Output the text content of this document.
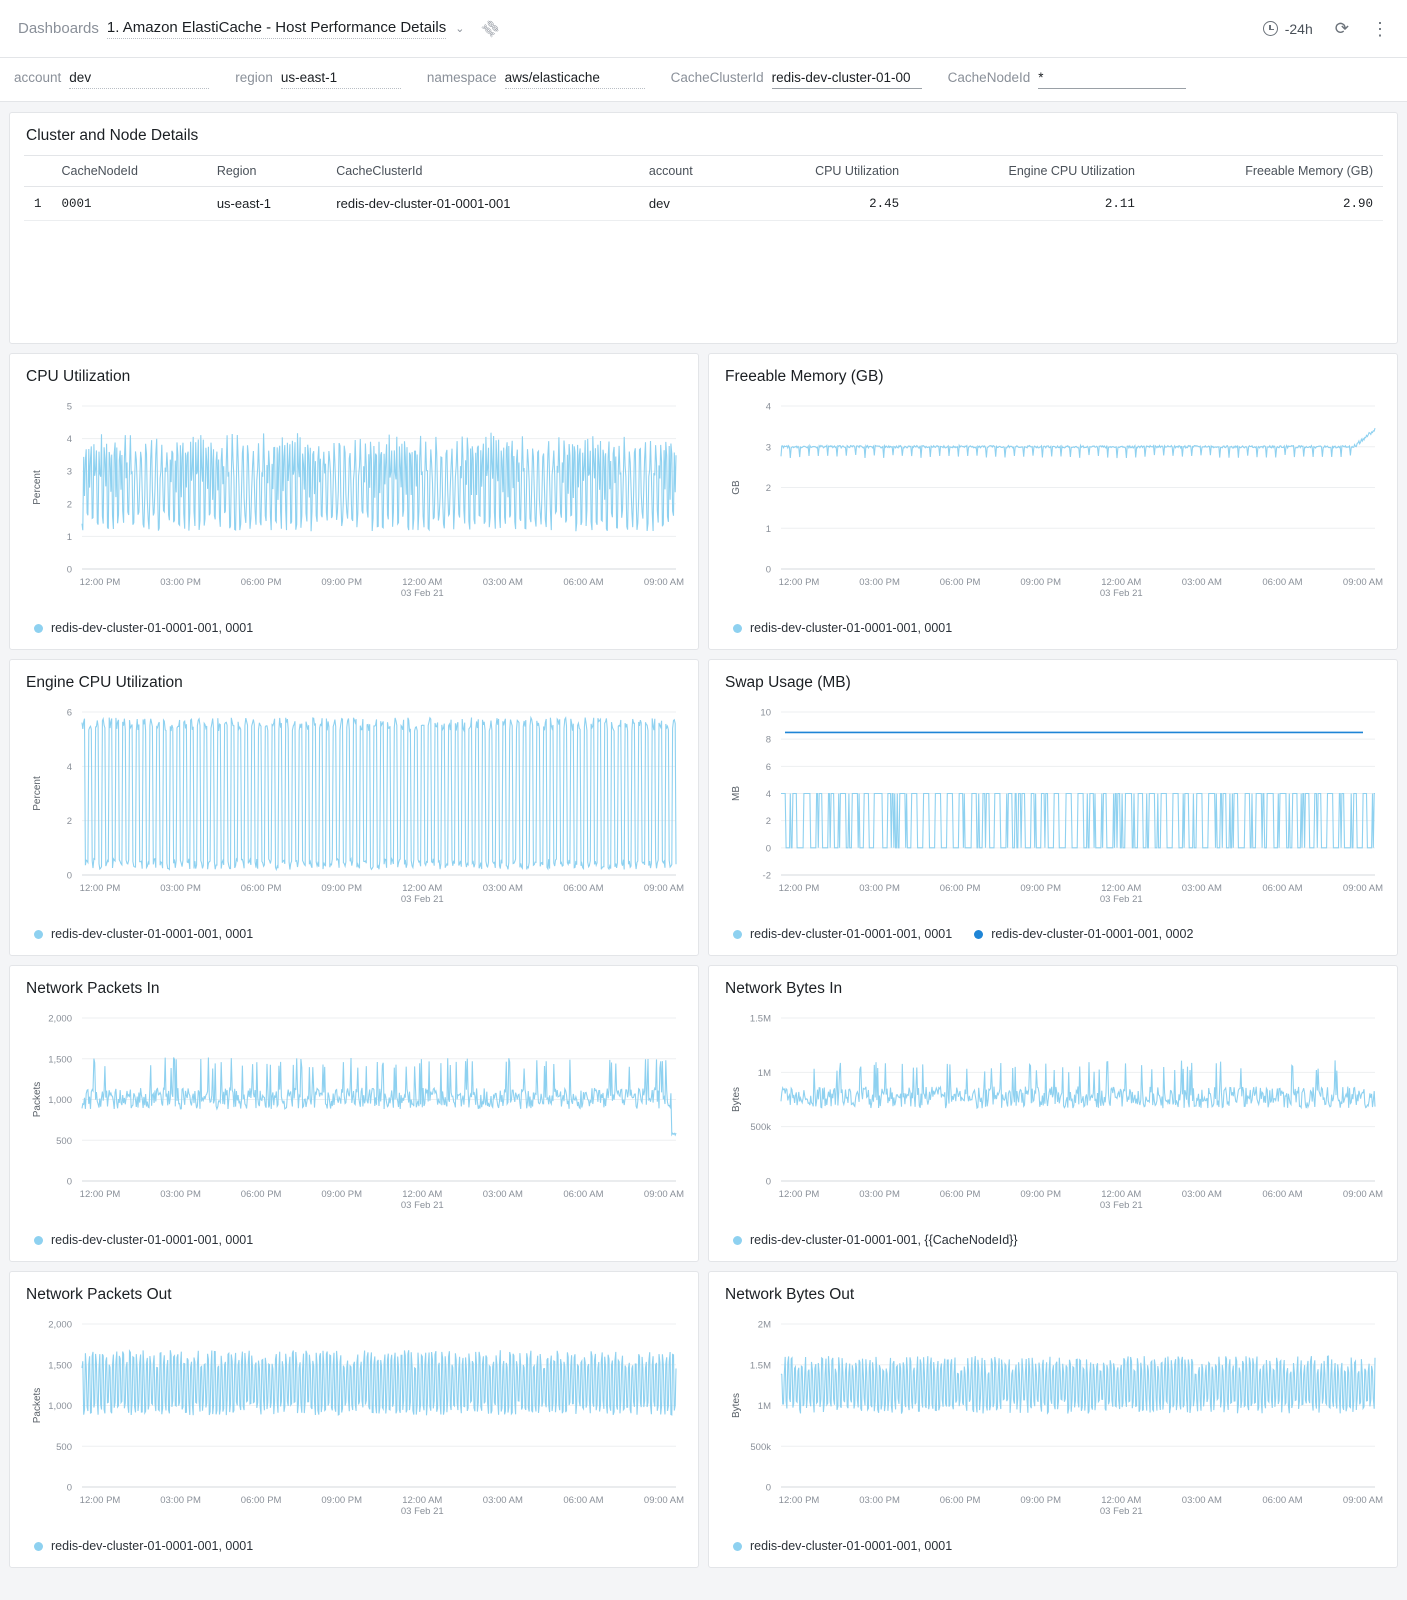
Dashboards 1. Amazon ElastiCache - Host Performance Details ⌄ ⛓	-24h ⟳ ⋮
account dev	region us-east-1	namespace aws/elasticache	CacheClusterId redis-dev-cluster-01-00	CacheNodeId *
Cluster and Node Details
	CacheNodeId	Region	CacheClusterId	account	CPU Utilization	Engine CPU Utilization	Freeable Memory (GB)
1	0001	us-east-1	redis-dev-cluster-01-0001-001	dev	2.45	2.11	2.90
CPU Utilization
0
1
2
3
4
5
Percent
12:00 PM	03:00 PM	06:00 PM	09:00 PM	12:00 AM
03 Feb 21
03:00 AM	06:00 AM	09:00 AM
redis-dev-cluster-01-0001-001, 0001
Freeable Memory (GB)
0
1
2
3
4
GB
12:00 PM	03:00 PM	06:00 PM	09:00 PM	12:00 AM
03 Feb 21
03:00 AM	06:00 AM	09:00 AM
redis-dev-cluster-01-0001-001, 0001
Engine CPU Utilization
0
2
4
6
Percent
12:00 PM	03:00 PM	06:00 PM	09:00 PM	12:00 AM
03 Feb 21
03:00 AM	06:00 AM	09:00 AM
redis-dev-cluster-01-0001-001, 0001
Swap Usage (MB)
-2
0
2
4
6
8
10
MB
12:00 PM	03:00 PM	06:00 PM	09:00 PM	12:00 AM
03 Feb 21
03:00 AM	06:00 AM	09:00 AM
redis-dev-cluster-01-0001-001, 0001	redis-dev-cluster-01-0001-001, 0002
Network Packets In
0
500
1,000
1,500
2,000
Packets
12:00 PM	03:00 PM	06:00 PM	09:00 PM	12:00 AM
03 Feb 21
03:00 AM	06:00 AM	09:00 AM
redis-dev-cluster-01-0001-001, 0001
Network Bytes In
0
500k
1M
1.5M
Bytes
12:00 PM	03:00 PM	06:00 PM	09:00 PM	12:00 AM
03 Feb 21
03:00 AM	06:00 AM	09:00 AM
redis-dev-cluster-01-0001-001, {{CacheNodeId}}
Network Packets Out
0
500
1,000
1,500
2,000
Packets
12:00 PM	03:00 PM	06:00 PM	09:00 PM	12:00 AM
03 Feb 21
03:00 AM	06:00 AM	09:00 AM
redis-dev-cluster-01-0001-001, 0001
Network Bytes Out
0
500k
1M
1.5M
2M
Bytes
12:00 PM	03:00 PM	06:00 PM	09:00 PM	12:00 AM
03 Feb 21
03:00 AM	06:00 AM	09:00 AM
redis-dev-cluster-01-0001-001, 0001
